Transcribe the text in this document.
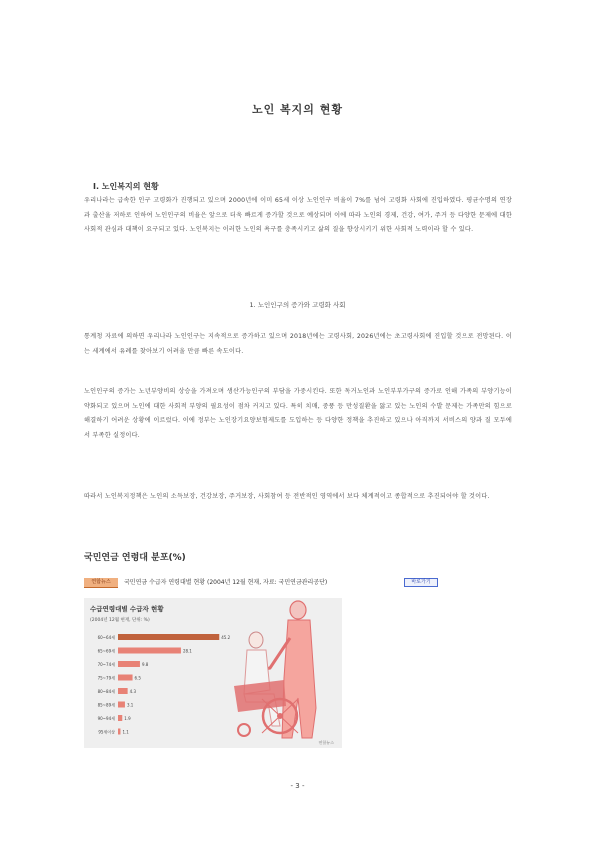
노인 복지의 현황
Ⅰ. 노인복지의 현황
우리나라는 급속한 인구 고령화가 진행되고 있으며 2000년에 이미 65세 이상 노인인구 비율이 7%를 넘어 고령화 사회에 진입하였다. 평균수명의 연장과 출산율 저하로 인하여 노인인구의 비율은 앞으로 더욱 빠르게 증가할 것으로 예상되며 이에 따라 노인의 경제, 건강, 여가, 주거 등 다양한 문제에 대한 사회적 관심과 대책이 요구되고 있다. 노인복지는 이러한 노인의 욕구를 충족시키고 삶의 질을 향상시키기 위한 사회적 노력이라 할 수 있다.
1. 노인인구의 증가와 고령화 사회
통계청 자료에 의하면 우리나라 노인인구는 지속적으로 증가하고 있으며 2018년에는 고령사회, 2026년에는 초고령사회에 진입할 것으로 전망된다. 이는 세계에서 유례를 찾아보기 어려울 만큼 빠른 속도이다.
노인인구의 증가는 노년부양비의 상승을 가져오며 생산가능인구의 부담을 가중시킨다. 또한 독거노인과 노인부부가구의 증가로 인해 가족의 부양기능이 약화되고 있으며 노인에 대한 사회적 부양의 필요성이 점차 커지고 있다. 특히 치매, 중풍 등 만성질환을 앓고 있는 노인의 수발 문제는 가족만의 힘으로 해결하기 어려운 상황에 이르렀다. 이에 정부는 노인장기요양보험제도를 도입하는 등 다양한 정책을 추진하고 있으나 아직까지 서비스의 양과 질 모두에서 부족한 실정이다.
따라서 노인복지정책은 노인의 소득보장, 건강보장, 주거보장, 사회참여 등 전반적인 영역에서 보다 체계적이고 종합적으로 추진되어야 할 것이다.
국민연금 연령대 분포(%)
연합뉴스	국민연금 수급자 연령대별 현황 (2004년 12월 현재, 자료: 국민연금관리공단)	바로가기
수급연령대별 수급자 현황
(2004년 12월 현재, 단위: %)
60~64세	45.2
65~69세	28.1
70~74세	9.8
75~79세	6.5
80~84세	4.3
85~89세	3.1
90~94세 1.9
95세이상 1.1
연합뉴스
- 3 -
